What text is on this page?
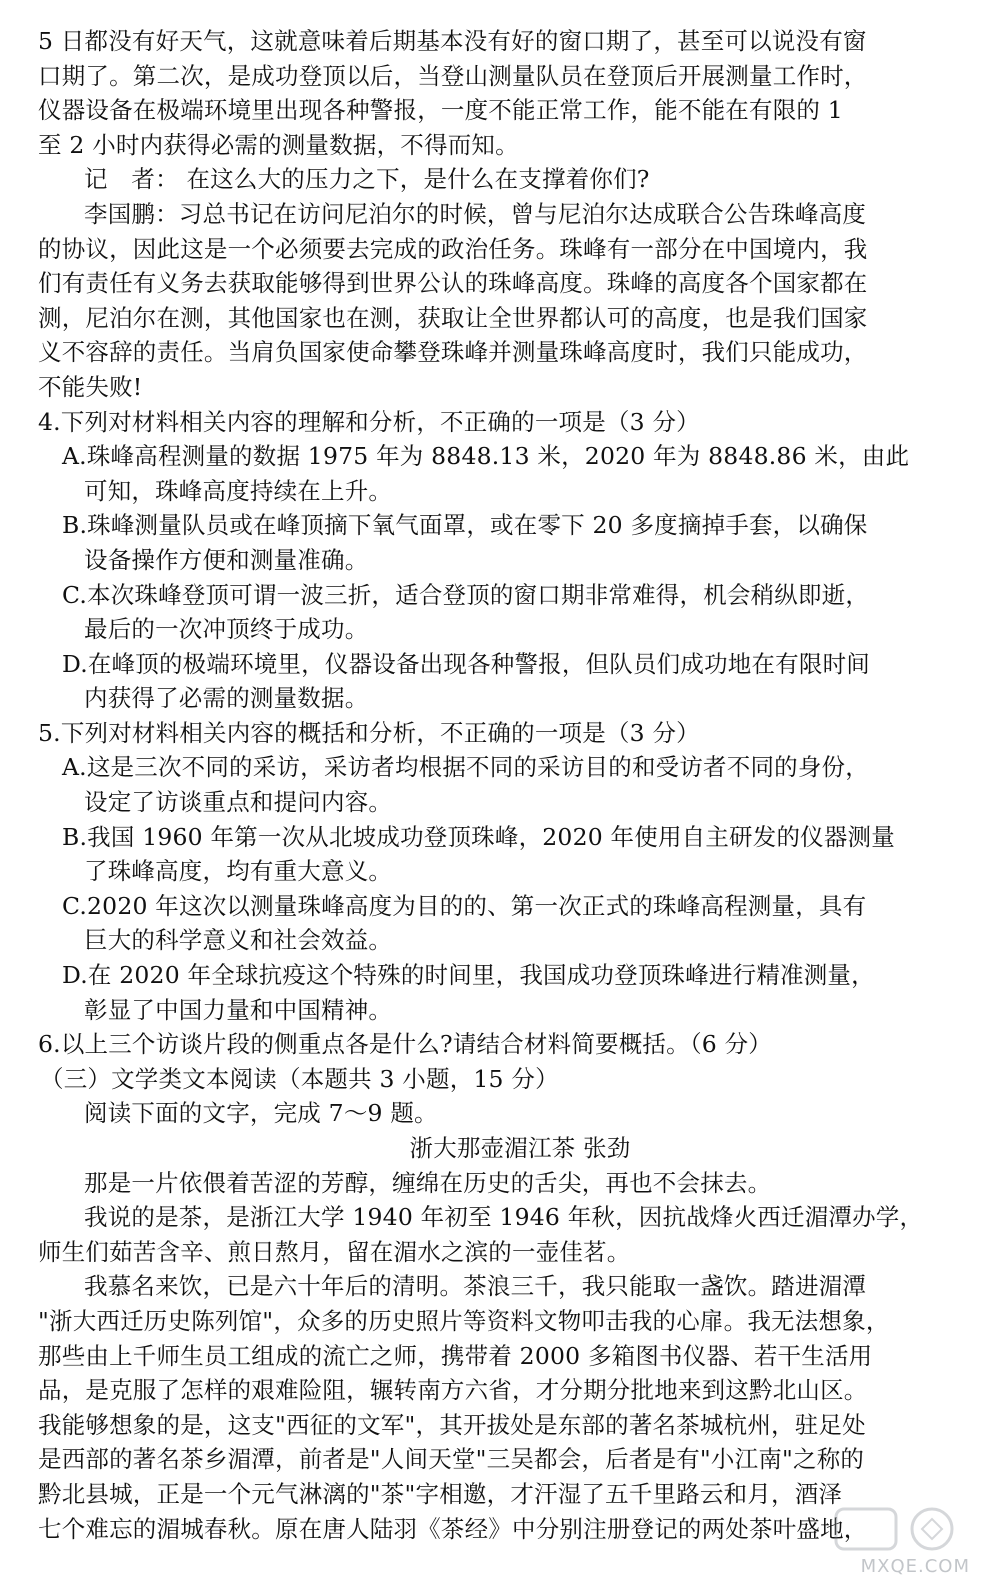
5 日都没有好天气，这就意味着后期基本没有好的窗口期了，甚至可以说没有窗
口期了。第二次，是成功登顶以后，当登山测量队员在登顶后开展测量工作时，
仪器设备在极端环境里出现各种警报，一度不能正常工作，能不能在有限的 1
至 2 小时内获得必需的测量数据，不得而知。
记　者： 在这么大的压力之下，是什么在支撑着你们?
李国鹏：习总书记在访问尼泊尔的时候，曾与尼泊尔达成联合公告珠峰高度
的协议，因此这是一个必须要去完成的政治任务。珠峰有一部分在中国境内，我
们有责任有义务去获取能够得到世界公认的珠峰高度。珠峰的高度各个国家都在
测，尼泊尔在测，其他国家也在测，获取让全世界都认可的高度，也是我们国家
义不容辞的责任。当肩负国家使命攀登珠峰并测量珠峰高度时，我们只能成功，
不能失败!
4.下列对材料相关内容的理解和分析，不正确的一项是（3 分）
A.珠峰高程测量的数据 1975 年为 8848.13 米，2020 年为 8848.86 米，由此
可知，珠峰高度持续在上升。
B.珠峰测量队员或在峰顶摘下氧气面罩，或在零下 20 多度摘掉手套，以确保
设备操作方便和测量准确。
C.本次珠峰登顶可谓一波三折，适合登顶的窗口期非常难得，机会稍纵即逝，
最后的一次冲顶终于成功。
D.在峰顶的极端环境里，仪器设备出现各种警报，但队员们成功地在有限时间
内获得了必需的测量数据。
5.下列对材料相关内容的概括和分析，不正确的一项是（3 分）
A.这是三次不同的采访，采访者均根据不同的采访目的和受访者不同的身份，
设定了访谈重点和提问内容。
B.我国 1960 年第一次从北坡成功登顶珠峰，2020 年使用自主研发的仪器测量
了珠峰高度，均有重大意义。
C.2020 年这次以测量珠峰高度为目的的、第一次正式的珠峰高程测量，具有
巨大的科学意义和社会效益。
D.在 2020 年全球抗疫这个特殊的时间里，我国成功登顶珠峰进行精准测量，
彰显了中国力量和中国精神。
6.以上三个访谈片段的侧重点各是什么?请结合材料简要概括。（6 分）
（三）文学类文本阅读（本题共 3 小题，15 分）
阅读下面的文字，完成 7～9 题。
浙大那壶湄江茶 张劲
那是一片依偎着苦涩的芳醇，缠绵在历史的舌尖，再也不会抹去。
我说的是茶，是浙江大学 1940 年初至 1946 年秋，因抗战烽火西迁湄潭办学，
师生们茹苦含辛、煎日熬月，留在湄水之滨的一壶佳茗。
我慕名来饮，已是六十年后的清明。茶浪三千，我只能取一盏饮。踏进湄潭
"浙大西迁历史陈列馆"，众多的历史照片等资料文物叩击我的心扉。我无法想象，
那些由上千师生员工组成的流亡之师，携带着 2000 多箱图书仪器、若干生活用
品，是克服了怎样的艰难险阻，辗转南方六省，才分期分批地来到这黔北山区。
我能够想象的是，这支"西征的文军"，其开拔处是东部的著名茶城杭州，驻足处
是西部的著名茶乡湄潭，前者是"人间天堂"三吴都会，后者是有"小江南"之称的
黔北县城，正是一个元气淋漓的"茶"字相邀，才汗湿了五千里路云和月，酒泽
七个难忘的湄城春秋。原在唐人陆羽《茶经》中分别注册登记的两处茶叶盛地，
MXQE.COM
